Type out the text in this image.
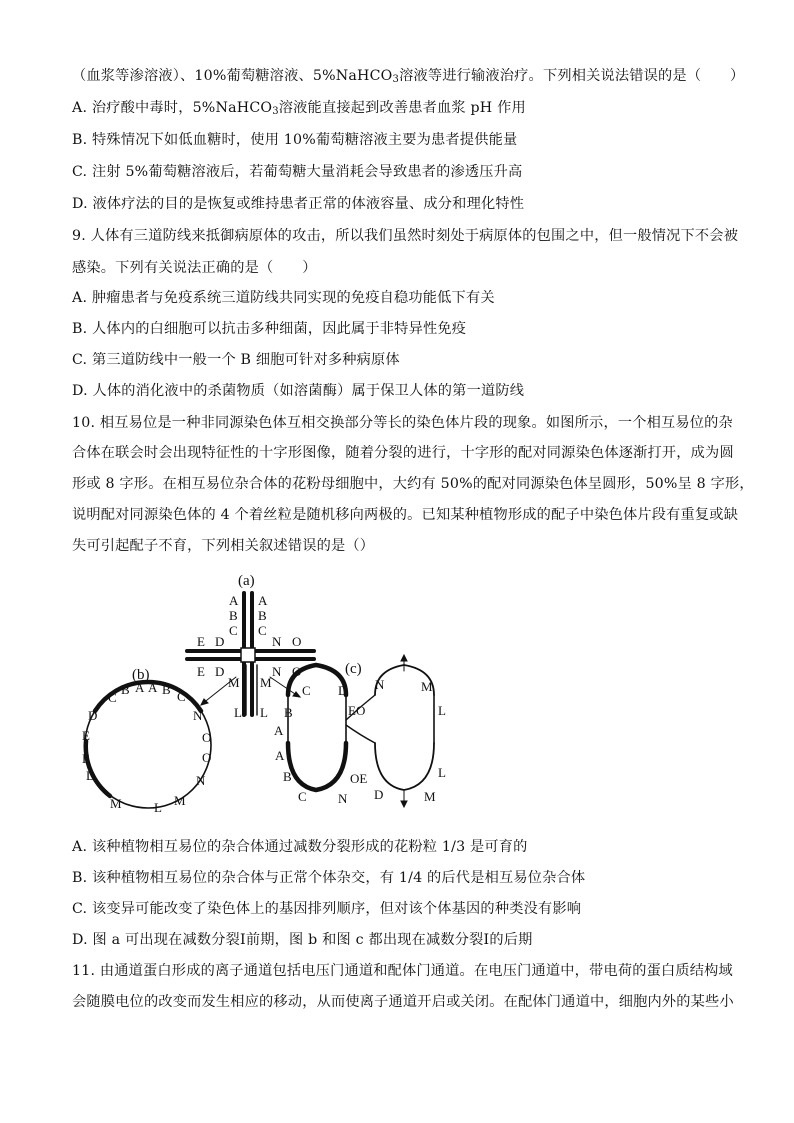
（血浆等渗溶液）、10%葡萄糖溶液、5%NaHCO$_3$溶液等进行输液治疗。下列相关说法错误的是（　　）
A. 治疗酸中毒时，5%NaHCO$_3$溶液能直接起到改善患者血浆 pH 作用
B. 特殊情况下如低血糖时，使用 10%葡萄糖溶液主要为患者提供能量
C. 注射 5%葡萄糖溶液后，若葡萄糖大量消耗会导致患者的渗透压升高
D. 液体疗法的目的是恢复或维持患者正常的体液容量、成分和理化特性
9. 人体有三道防线来抵御病原体的攻击，所以我们虽然时刻处于病原体的包围之中，但一般情况下不会被
感染。下列有关说法正确的是（　　）
A. 肿瘤患者与免疫系统三道防线共同实现的免疫自稳功能低下有关
B. 人体内的白细胞可以抗击多种细菌，因此属于非特异性免疫
C. 第三道防线中一般一个 B 细胞可针对多种病原体
D. 人体的消化液中的杀菌物质（如溶菌酶）属于保卫人体的第一道防线
10. 相互易位是一种非同源染色体互相交换部分等长的染色体片段的现象。如图所示，一个相互易位的杂
合体在联会时会出现特征性的十字形图像，随着分裂的进行，十字形的配对同源染色体逐渐打开，成为圆
形或 8 字形。在相互易位杂合体的花粉母细胞中，大约有 50%的配对同源染色体呈圆形，50%呈 8 字形，
说明配对同源染色体的 4 个着丝粒是随机移向两极的。已知某种植物形成的配子中染色体片段有重复或缺
失可引起配子不育，下列相关叙述错误的是（）
(a)
(b)	(c)
A A
B B
C C
E D
E D
N O
N O
M M
L L
C
B A A B C
N
O
O
N
M
L
M
D
E
E
D
C D
B
A
EO
A
B
C N
OE
D
N	M
L
L
M
A. 该种植物相互易位的杂合体通过减数分裂形成的花粉粒 1/3 是可育的
B. 该种植物相互易位的杂合体与正常个体杂交，有 1/4 的后代是相互易位杂合体
C. 该变异可能改变了染色体上的基因排列顺序，但对该个体基因的种类没有影响
D. 图 a 可出现在减数分裂Ⅰ前期，图 b 和图 c 都出现在减数分裂Ⅰ的后期
11. 由通道蛋白形成的离子通道包括电压门通道和配体门通道。在电压门通道中，带电荷的蛋白质结构域
会随膜电位的改变而发生相应的移动，从而使离子通道开启或关闭。在配体门通道中，细胞内外的某些小
